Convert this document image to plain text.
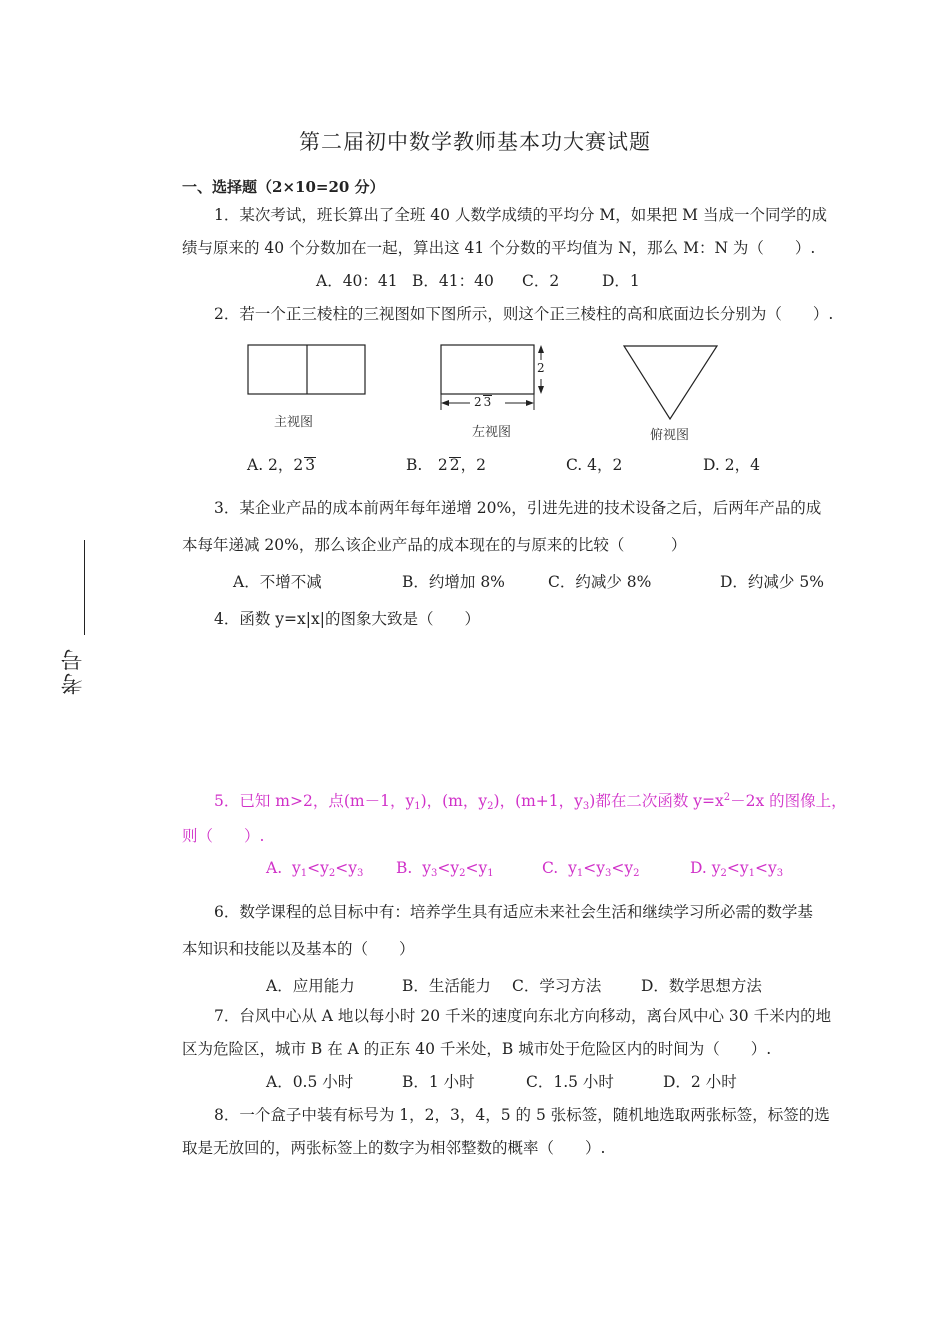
第二届初中数学教师基本功大赛试题
一、选择题（2×10=20 分）
考号
1．某次考试，班长算出了全班 40 人数学成绩的平均分 M，如果把 M 当成一个同学的成
绩与原来的 40 个分数加在一起，算出这 41 个分数的平均值为 N，那么 M：N 为（　　）.
A．40：41 B．41：40 C．2	D．1
2．若一个正三棱柱的三视图如下图所示，则这个正三棱柱的高和底面边长分别为（　　）.
2
2 3
主视图
左视图	俯视图
A. 2，2 3	B.　2 2，2	C. 4，2	D. 2，4
3．某企业产品的成本前两年每年递增 20%，引进先进的技术设备之后，后两年产品的成
本每年递减 20%，那么该企业产品的成本现在的与原来的比较（　　　）
A．不增不减	B．约增加 8%	C．约减少 8%	D．约减少 5%
4．函数 y=x|x|的图象大致是（　　）
5．已知 m>2，点(m－1，$y_1$)，(m，$y_2$)，(m+1，$y_3$)都在二次函数 $y=x^2-2x$ 的图像上，
则（　　）.
A. $y_1<y_2<y_3$ B. $y_3<y_2<y_1$	C. $y_1<y_3<y_2$	D. $y_2<y_1<y_3$
6．数学课程的总目标中有：培养学生具有适应未来社会生活和继续学习所必需的数学基
本知识和技能以及基本的（　　）
A．应用能力	B．生活能力 C．学习方法	D．数学思想方法
7．台风中心从 A 地以每小时 20 千米的速度向东北方向移动，离台风中心 30 千米内的地
区为危险区，城市 B 在 A 的正东 40 千米处，B 城市处于危险区内的时间为（　　）.
A．0.5 小时	B．1 小时	C．1.5 小时	D．2 小时
8．一个盒子中装有标号为 1，2，3，4，5 的 5 张标签，随机地选取两张标签，标签的选
取是无放回的，两张标签上的数字为相邻整数的概率（　　）.
